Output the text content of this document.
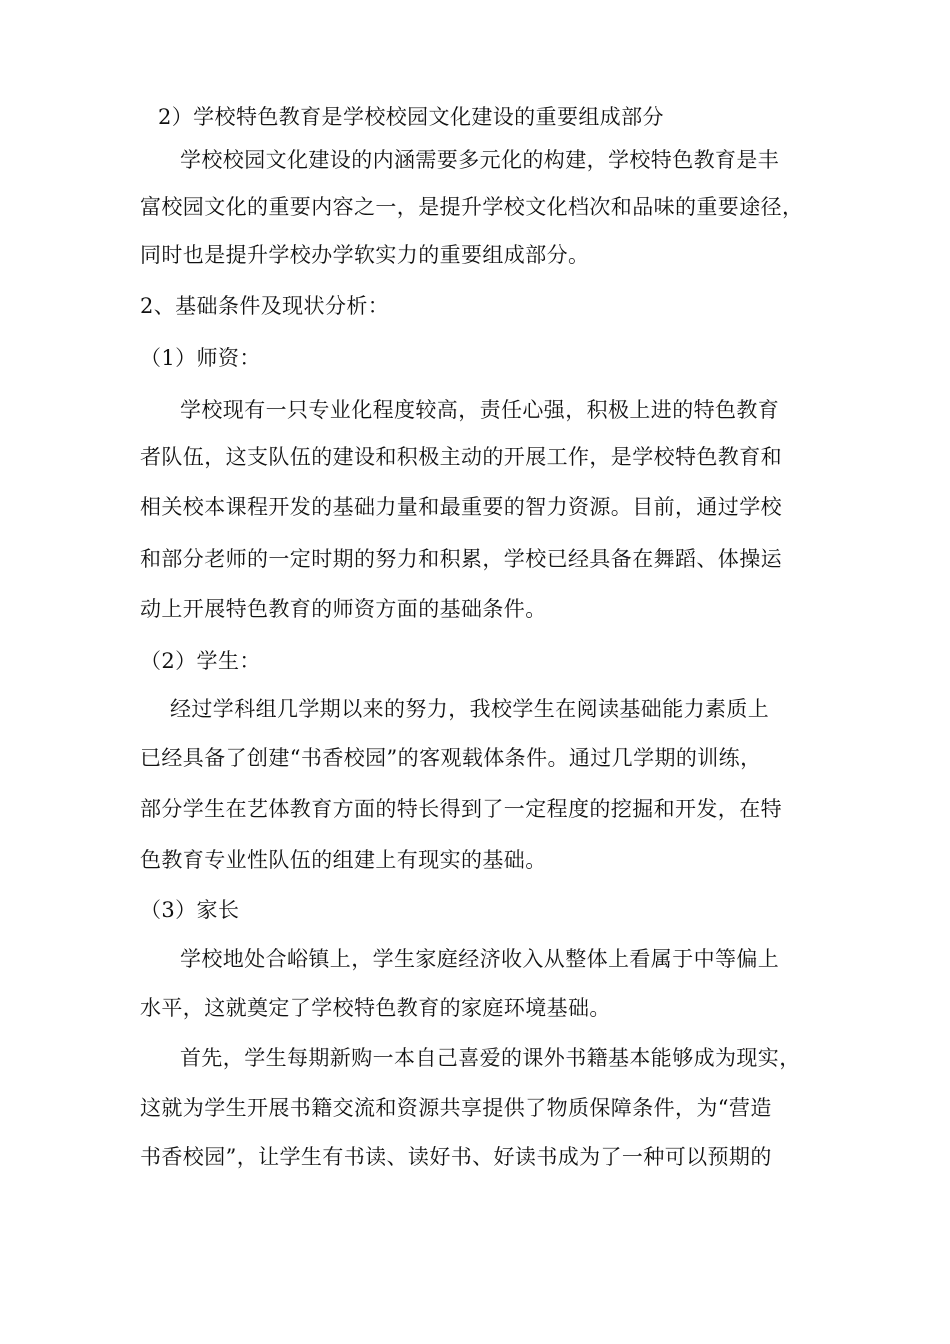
2）学校特色教育是学校校园文化建设的重要组成部分
学校校园文化建设的内涵需要多元化的构建，学校特色教育是丰
富校园文化的重要内容之一，是提升学校文化档次和品味的重要途径，
同时也是提升学校办学软实力的重要组成部分。
2、基础条件及现状分析：
（1）师资：
学校现有一只专业化程度较高，责任心强，积极上进的特色教育
者队伍，这支队伍的建设和积极主动的开展工作，是学校特色教育和
相关校本课程开发的基础力量和最重要的智力资源。目前，通过学校
和部分老师的一定时期的努力和积累，学校已经具备在舞蹈、体操运
动上开展特色教育的师资方面的基础条件。
（2）学生：
经过学科组几学期以来的努力，我校学生在阅读基础能力素质上
已经具备了创建“书香校园”的客观载体条件。通过几学期的训练，
部分学生在艺体教育方面的特长得到了一定程度的挖掘和开发，在特
色教育专业性队伍的组建上有现实的基础。
（3）家长
学校地处合峪镇上，学生家庭经济收入从整体上看属于中等偏上
水平，这就奠定了学校特色教育的家庭环境基础。
首先，学生每期新购一本自己喜爱的课外书籍基本能够成为现实，
这就为学生开展书籍交流和资源共享提供了物质保障条件，为“营造
书香校园”，让学生有书读、读好书、好读书成为了一种可以预期的
